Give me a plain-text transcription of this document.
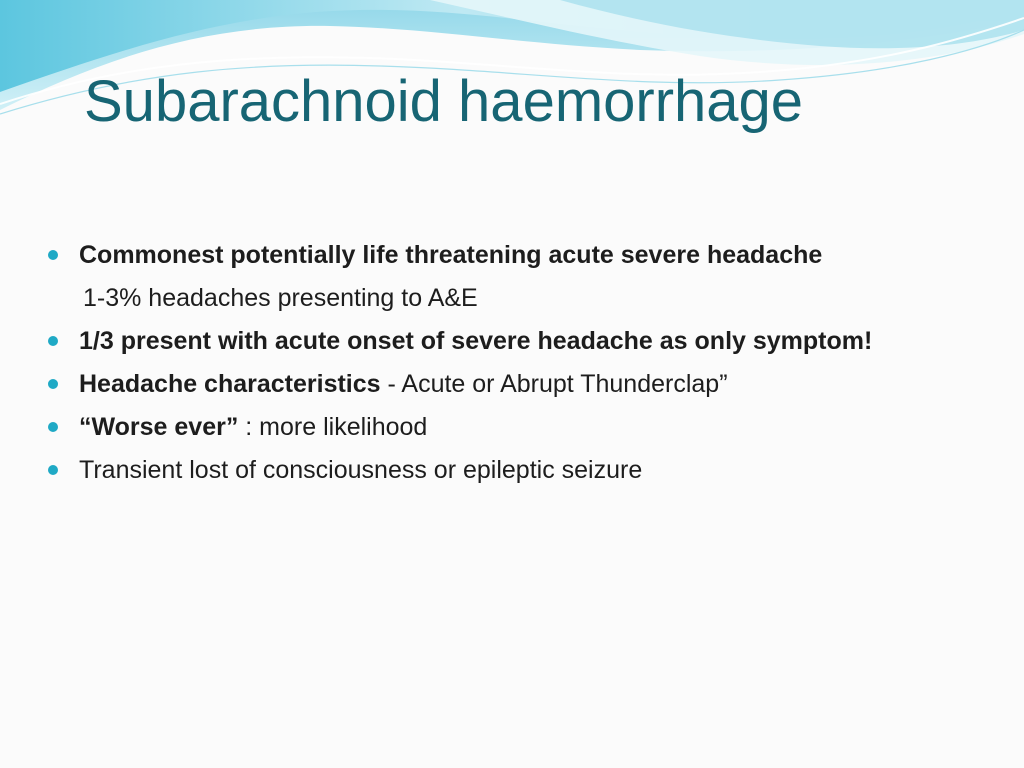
Subarachnoid haemorrhage
Commonest potentially life threatening acute severe headache
1-3% headaches presenting to A&E
1/3 present with acute onset of severe headache as only symptom!
Headache characteristics - Acute or Abrupt Thunderclap”
“Worse ever” : more likelihood
Transient lost of consciousness or epileptic seizure
